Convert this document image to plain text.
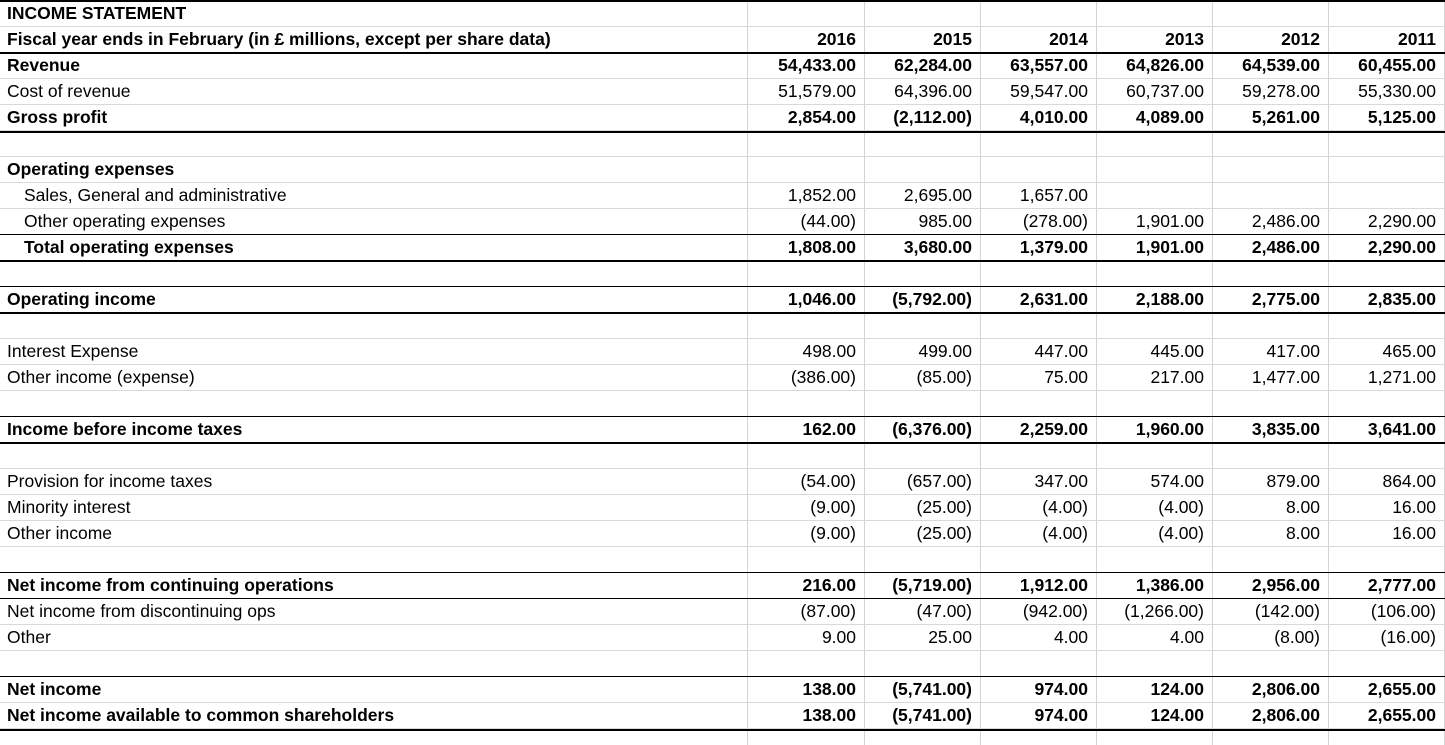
INCOME STATEMENT
Fiscal year ends in February (in £ millions, except per share data)	2016	2015	2014	2013	2012	2011
Revenue	54,433.00	62,284.00	63,557.00	64,826.00	64,539.00	60,455.00
Cost of revenue	51,579.00	64,396.00	59,547.00	60,737.00	59,278.00	55,330.00
Gross profit	2,854.00	(2,112.00)	4,010.00	4,089.00	5,261.00	5,125.00
Operating expenses
Sales, General and administrative	1,852.00	2,695.00	1,657.00
Other operating expenses	(44.00)	985.00	(278.00)	1,901.00	2,486.00	2,290.00
Total operating expenses	1,808.00	3,680.00	1,379.00	1,901.00	2,486.00	2,290.00
Operating income	1,046.00	(5,792.00)	2,631.00	2,188.00	2,775.00	2,835.00
Interest Expense	498.00	499.00	447.00	445.00	417.00	465.00
Other income (expense)	(386.00)	(85.00)	75.00	217.00	1,477.00	1,271.00
Income before income taxes	162.00	(6,376.00)	2,259.00	1,960.00	3,835.00	3,641.00
Provision for income taxes	(54.00)	(657.00)	347.00	574.00	879.00	864.00
Minority interest	(9.00)	(25.00)	(4.00)	(4.00)	8.00	16.00
Other income	(9.00)	(25.00)	(4.00)	(4.00)	8.00	16.00
Net income from continuing operations	216.00	(5,719.00)	1,912.00	1,386.00	2,956.00	2,777.00
Net income from discontinuing ops	(87.00)	(47.00)	(942.00)	(1,266.00)	(142.00)	(106.00)
Other	9.00	25.00	4.00	4.00	(8.00)	(16.00)
Net income	138.00	(5,741.00)	974.00	124.00	2,806.00	2,655.00
Net income available to common shareholders	138.00	(5,741.00)	974.00	124.00	2,806.00	2,655.00
